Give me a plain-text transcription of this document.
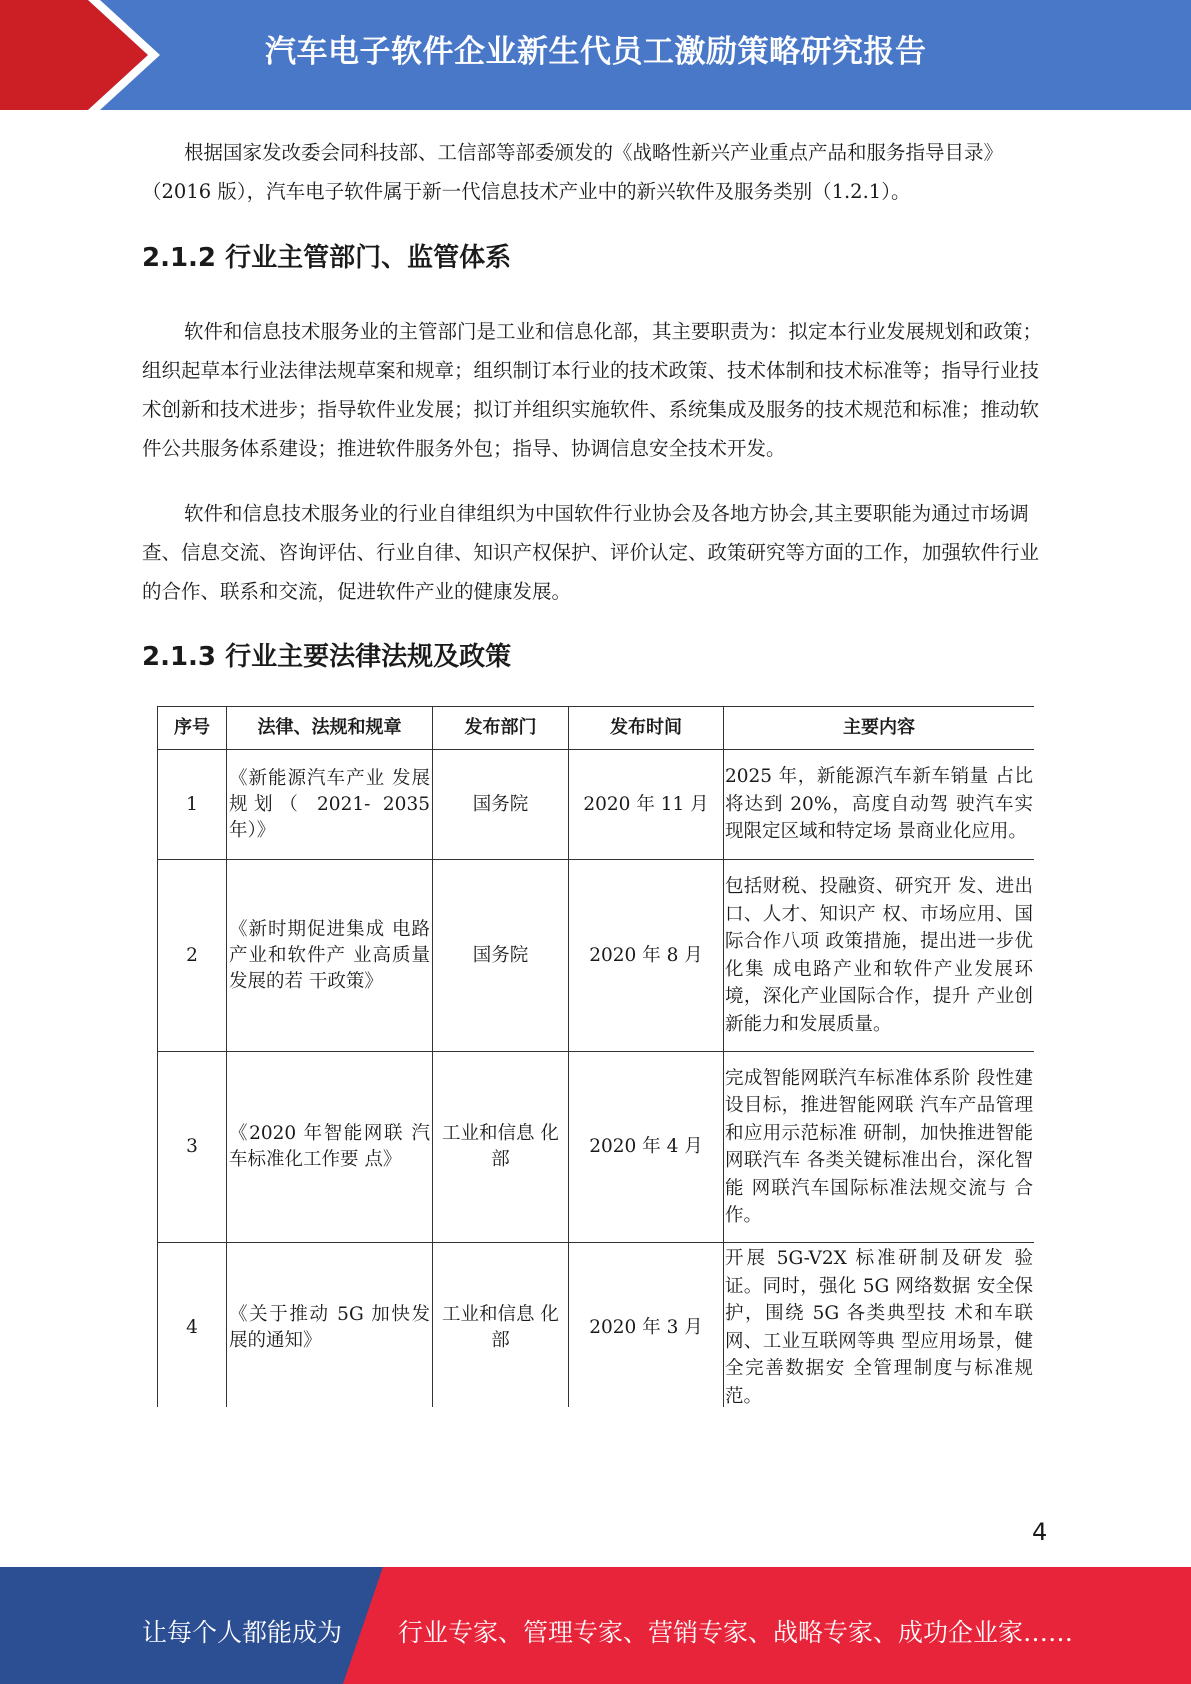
汽车电子软件企业新生代员工激励策略研究报告

根据国家发改委会同科技部、工信部等部委颁发的《战略性新兴产业重点产品和服务指导目录》（2016 版），汽车电子软件属于新一代信息技术产业中的新兴软件及服务类别（1.2.1）。

2.1.2 行业主管部门、监管体系

软件和信息技术服务业的主管部门是工业和信息化部，其主要职责为：拟定本行业发展规划和政策；组织起草本行业法律法规草案和规章；组织制订本行业的技术政策、技术体制和技术标准等；指导行业技术创新和技术进步；指导软件业发展；拟订并组织实施软件、系统集成及服务的技术规范和标准；推动软件公共服务体系建设；推进软件服务外包；指导、协调信息安全技术开发。

软件和信息技术服务业的行业自律组织为中国软件行业协会及各地方协会,其主要职能为通过市场调查、信息交流、咨询评估、行业自律、知识产权保护、评价认定、政策研究等方面的工作，加强软件行业的合作、联系和交流，促进软件产业的健康发展。

2.1.3 行业主要法律法规及政策
序号	法律、法规和规章	发布部门	发布时间	主要内容
1	《新能源汽车产业 发展规划（ 2021- 2035 年）》	国务院	2020 年 11 月	2025 年，新能源汽车新车销量 占比将达到 20%，高度自动驾 驶汽车实现限定区域和特定场 景商业化应用。
2	《新时期促进集成 电路产业和软件产 业高质量发展的若 干政策》	国务院	2020 年 8 月	包括财税、投融资、研究开 发、进出口、人才、知识产 权、市场应用、国际合作八项 政策措施，提出进一步优化集 成电路产业和软件产业发展环 境，深化产业国际合作，提升 产业创新能力和发展质量。
3	《2020 年智能网联 汽车标准化工作要 点》	工业和信息 化部	2020 年 4 月	完成智能网联汽车标准体系阶 段性建设目标，推进智能网联 汽车产品管理和应用示范标准 研制，加快推进智能网联汽车 各类关键标准出台，深化智能 网联汽车国际标准法规交流与 合作。
4	《关于推动 5G 加快发展的通知》	工业和信息 化部	2020 年 3 月	开展 5G-V2X 标准研制及研发 验证。同时，强化 5G 网络数据 安全保护，围绕 5G 各类典型技 术和车联网、工业互联网等典 型应用场景，健全完善数据安 全管理制度与标准规范。
4
让每个人都能成为 行业专家、管理专家、营销专家、战略专家、成功企业家……
